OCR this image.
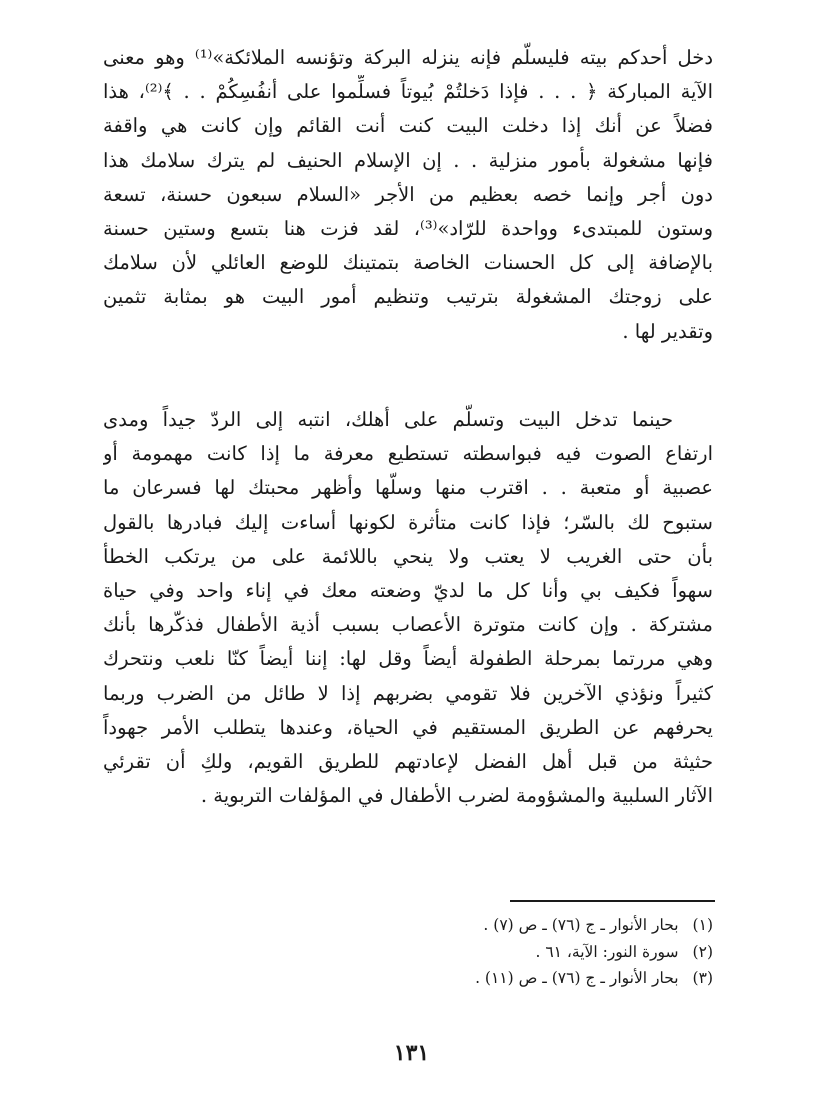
دخل أحدكم بيته فليسلّم فإنه ينزله البركة وتؤنسه الملائكة»⁽¹⁾ وهو معنى
الآية المباركة ﴿ . . . فإذا دَخلتُمْ بُيوتاً فسلِّموا على أنفُسِكُمْ . . ﴾⁽²⁾، هذا
فضلاً عن أنك إذا دخلت البيت كنت أنت القائم وإن كانت هي واقفة
فإنها مشغولة بأمور منزلية . . إن الإسلام الحنيف لم يترك سلامك هذا
دون أجر وإنما خصه بعظيم من الأجر «السلام سبعون حسنة، تسعة
وستون للمبتدىء وواحدة للرّاد»⁽³⁾، لقد فزت هنا بتسع وستين حسنة
بالإضافة إلى كل الحسنات الخاصة بتمتينك للوضع العائلي لأن سلامك
على زوجتك المشغولة بترتيب وتنظيم أمور البيت هو بمثابة تثمين
وتقدير لها .
حينما تدخل البيت وتسلّم على أهلك، انتبه إلى الردّ جيداً ومدى
ارتفاع الصوت فيه فبواسطته تستطيع معرفة ما إذا كانت مهمومة أو
عصبية أو متعبة . . اقترب منها وسلّها وأظهر محبتك لها فسرعان ما
ستبوح لك بالسّر؛ فإذا كانت متأثرة لكونها أساءت إليك فبادرها بالقول
بأن حتى الغريب لا يعتب ولا ينحي باللائمة على من يرتكب الخطأ
سهواً فكيف بي وأنا كل ما لديّ وضعته معك في إناء واحد وفي حياة
مشتركة . وإن كانت متوترة الأعصاب بسبب أذية الأطفال فذكّرها بأنك
وهي مررتما بمرحلة الطفولة أيضاً وقل لها: إننا أيضاً كنّا نلعب ونتحرك
كثيراً ونؤذي الآخرين فلا تقومي بضربهم إذا لا طائل من الضرب وربما
يحرفهم عن الطريق المستقيم في الحياة، وعندها يتطلب الأمر جهوداً
حثيثة من قبل أهل الفضل لإعادتهم للطريق القويم، ولكِ أن تقرئي
الآثار السلبية والمشؤومة لضرب الأطفال في المؤلفات التربوية .
(١)بحار الأنوار ـ ج (٧٦) ـ ص (٧) .
(٢)سورة النور: الآية، ٦١ .
(٣)بحار الأنوار ـ ج (٧٦) ـ ص (١١) .
١٣١
